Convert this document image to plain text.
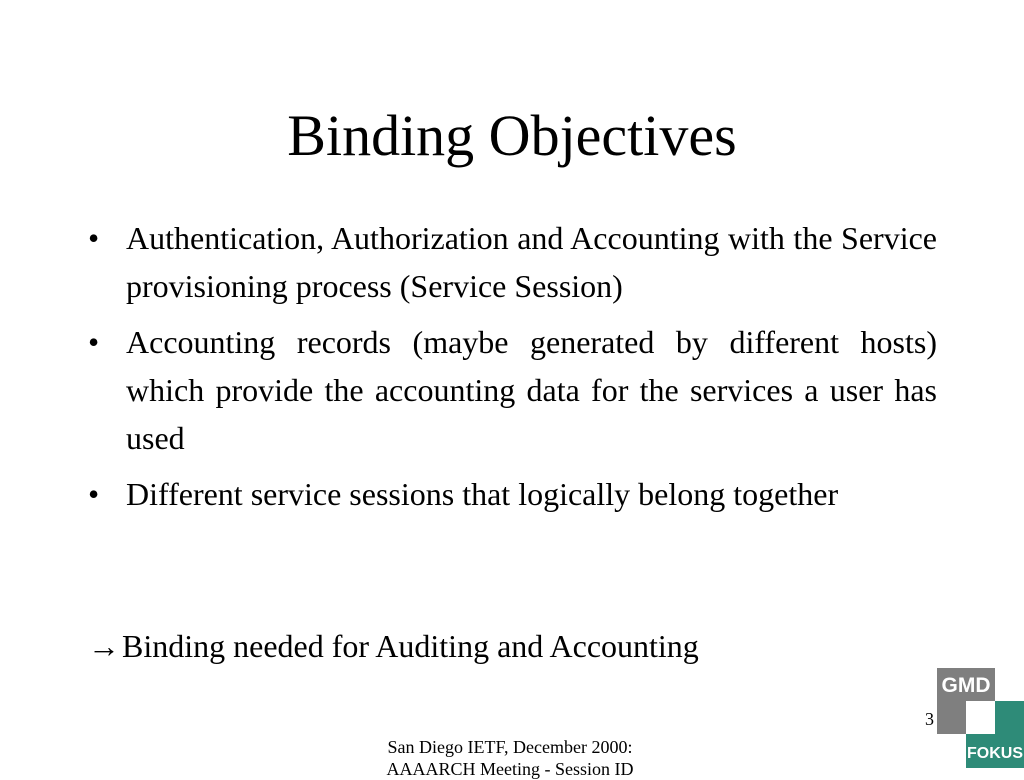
Binding Objectives
• Authentication, Authorization and Accounting with the Service provisioning process (Service Session)
• Accounting records (maybe generated by different hosts) which provide the accounting data for the services a user has used
• Different service sessions that logically belong together
→Binding needed for Auditing and Accounting
3
San Diego IETF, December 2000:
AAAARCH Meeting - Session ID
GMD
FOKUS
